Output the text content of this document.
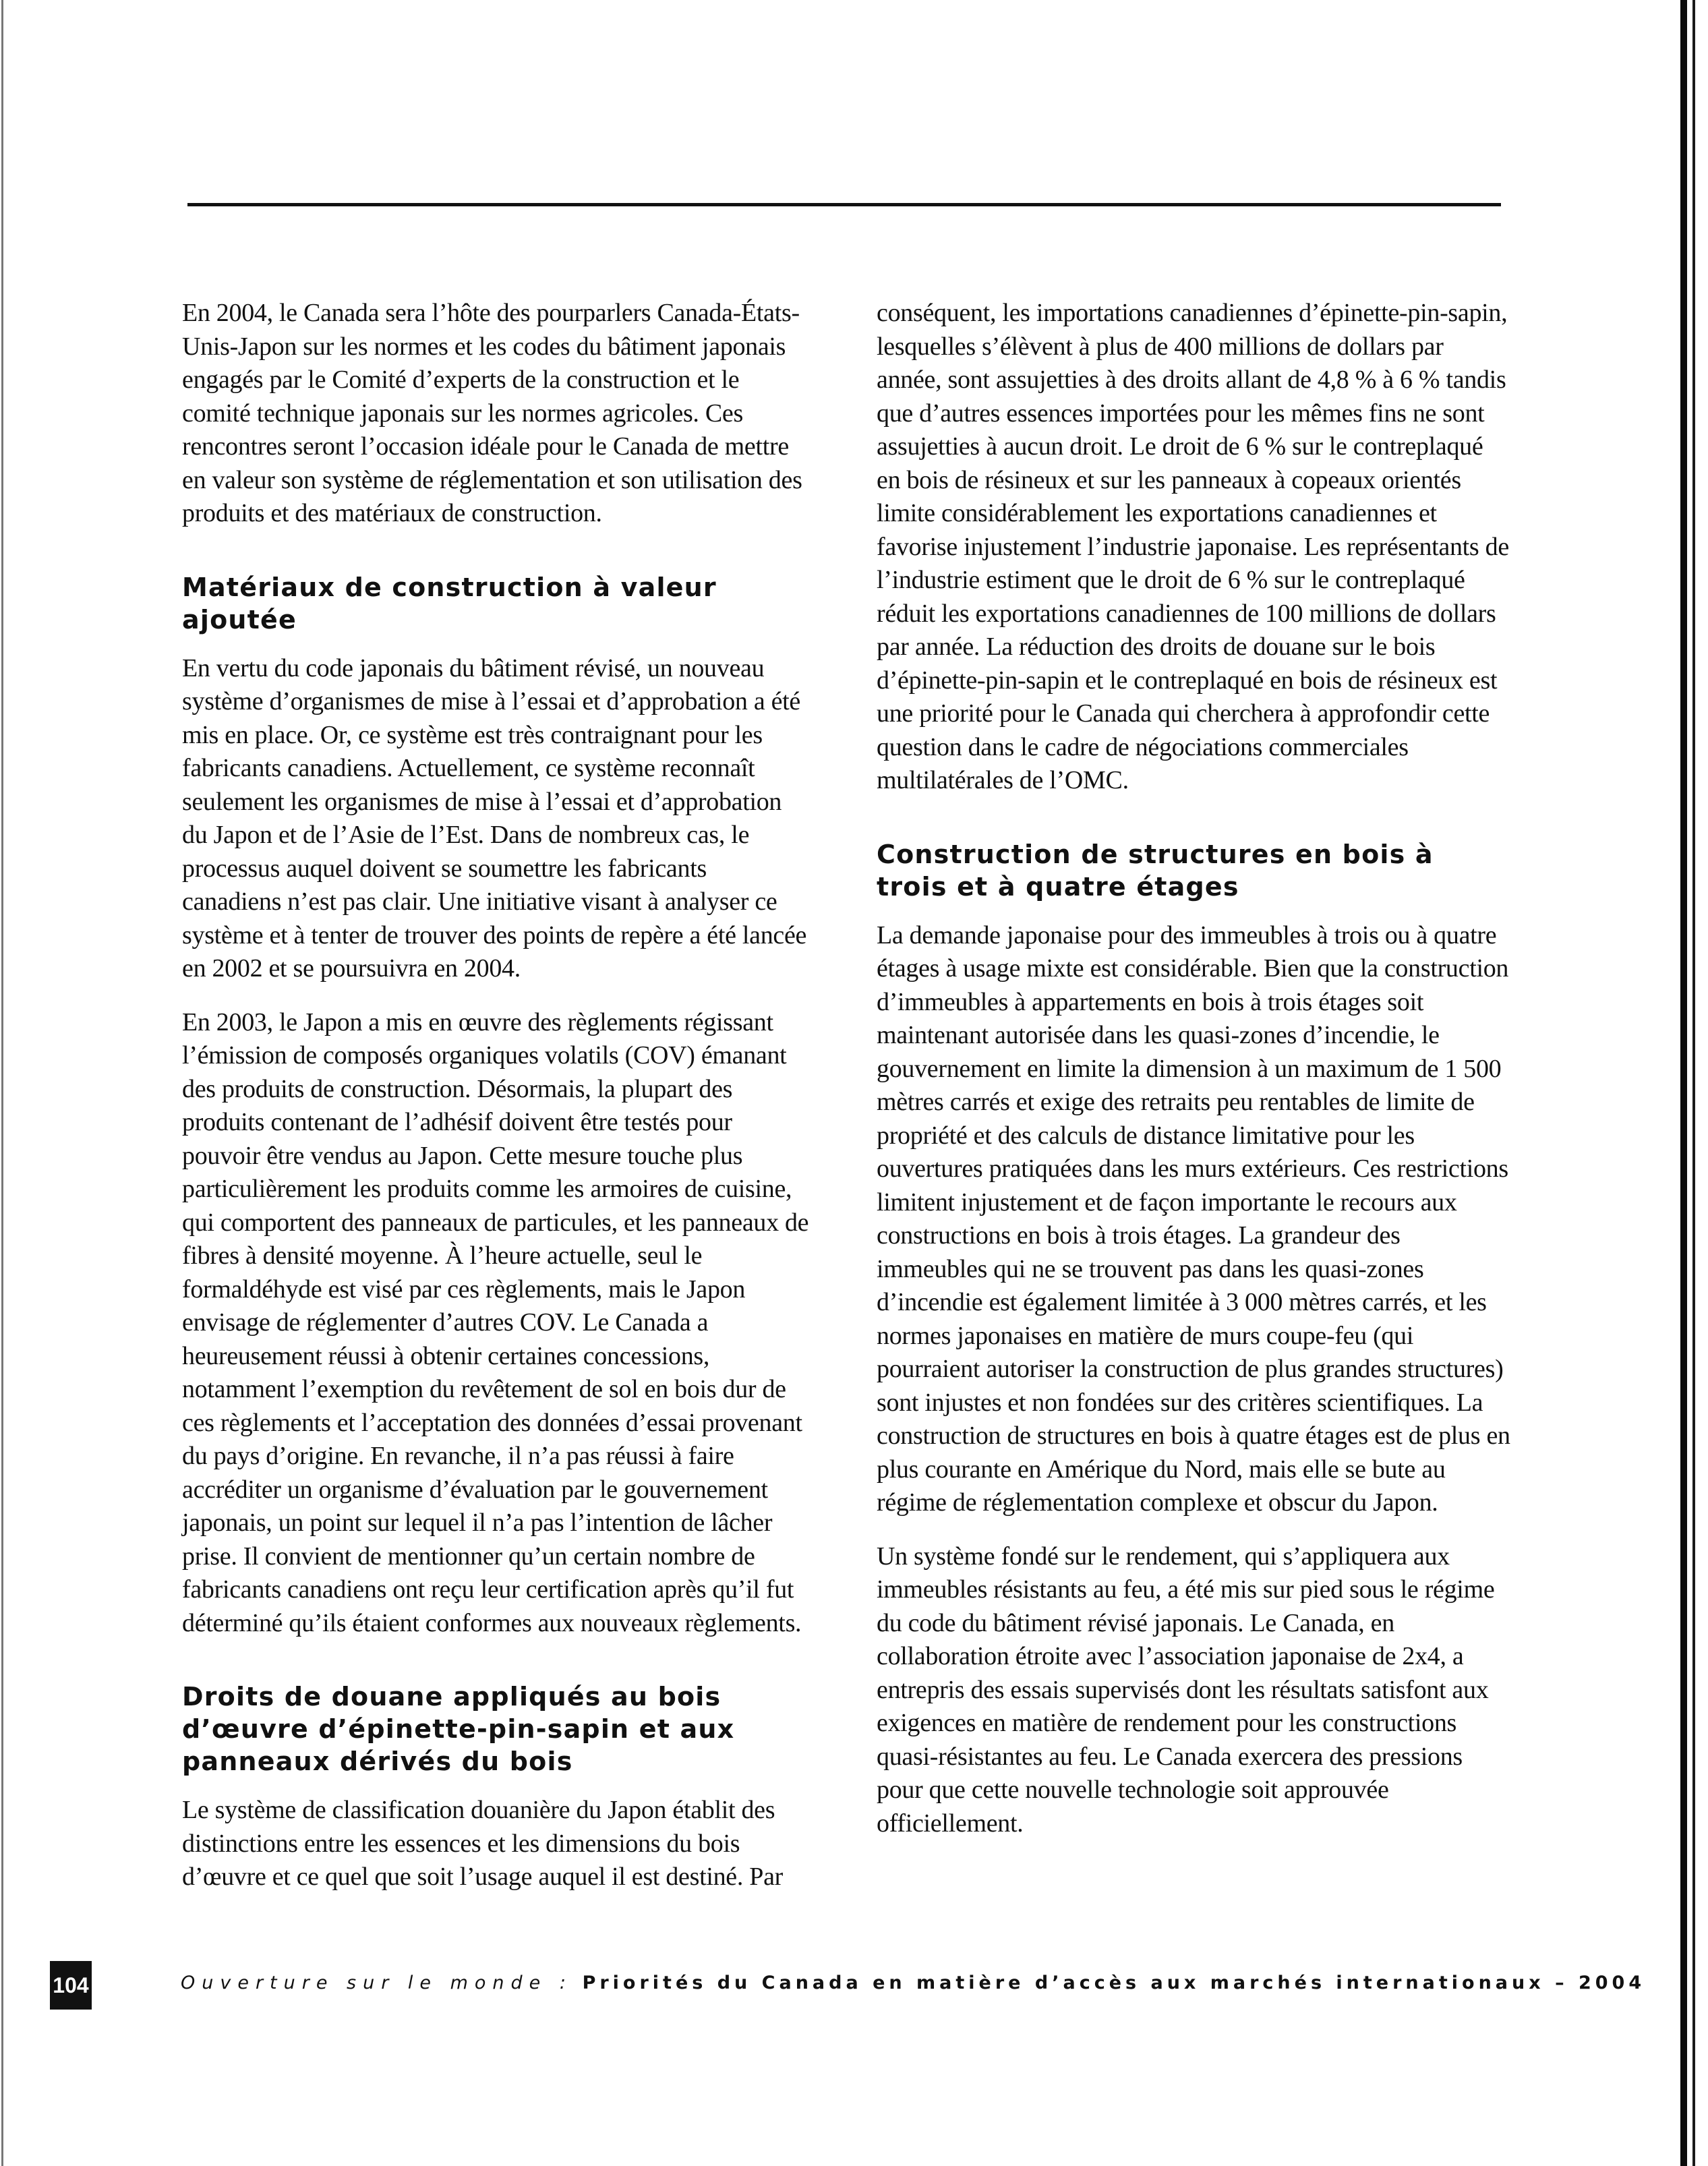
En 2004, le Canada sera l’hôte des pourparlers Canada-États-Unis-Japon sur les normes et les codes du bâtiment japonais engagés par le Comité d’experts de la construction et le comité technique japonais sur les normes agricoles. Ces rencontres seront l’occasion idéale pour le Canada de mettre en valeur son système de réglementation et son utilisation des produits et des matériaux de construction.

Matériaux de construction à valeur ajoutée

En vertu du code japonais du bâtiment révisé, un nouveau système d’organismes de mise à l’essai et d’approbation a été mis en place. Or, ce système est très contraignant pour les fabricants canadiens. Actuellement, ce système reconnaît seulement les organismes de mise à l’essai et d’approbation du Japon et de l’Asie de l’Est. Dans de nombreux cas, le processus auquel doivent se soumettre les fabricants canadiens n’est pas clair. Une initiative visant à analyser ce système et à tenter de trouver des points de repère a été lancée en 2002 et se poursuivra en 2004.

En 2003, le Japon a mis en œuvre des règlements régissant l’émission de composés organiques volatils (COV) émanant des produits de construction. Désormais, la plupart des produits contenant de l’adhésif doivent être testés pour pouvoir être vendus au Japon. Cette mesure touche plus particulièrement les produits comme les armoires de cuisine, qui comportent des panneaux de particules, et les panneaux de fibres à densité moyenne. À l’heure actuelle, seul le formaldéhyde est visé par ces règlements, mais le Japon envisage de réglementer d’autres COV. Le Canada a heureusement réussi à obtenir certaines concessions, notamment l’exemption du revêtement de sol en bois dur de ces règlements et l’acceptation des données d’essai provenant du pays d’origine. En revanche, il n’a pas réussi à faire accréditer un organisme d’évaluation par le gouvernement japonais, un point sur lequel il n’a pas l’intention de lâcher prise. Il convient de mentionner qu’un certain nombre de fabricants canadiens ont reçu leur certification après qu’il fut déterminé qu’ils étaient conformes aux nouveaux règlements.

Droits de douane appliqués au bois d’œuvre d’épinette-pin-sapin et aux panneaux dérivés du bois

Le système de classification douanière du Japon établit des distinctions entre les essences et les dimensions du bois d’œuvre et ce quel que soit l’usage auquel il est destiné. Par

conséquent, les importations canadiennes d’épinette-pin-sapin, lesquelles s’élèvent à plus de 400 millions de dollars par année, sont assujetties à des droits allant de 4,8 % à 6 % tandis que d’autres essences importées pour les mêmes fins ne sont assujetties à aucun droit. Le droit de 6 % sur le contreplaqué en bois de résineux et sur les panneaux à copeaux orientés limite considérablement les exportations canadiennes et favorise injustement l’industrie japonaise. Les représentants de l’industrie estiment que le droit de 6 % sur le contreplaqué réduit les exportations canadiennes de 100 millions de dollars par année. La réduction des droits de douane sur le bois d’épinette-pin-sapin et le contreplaqué en bois de résineux est une priorité pour le Canada qui cherchera à approfondir cette question dans le cadre de négociations commerciales multilatérales de l’OMC.

Construction de structures en bois à trois et à quatre étages

La demande japonaise pour des immeubles à trois ou à quatre étages à usage mixte est considérable. Bien que la construction d’immeubles à appartements en bois à trois étages soit maintenant autorisée dans les quasi-zones d’incendie, le gouvernement en limite la dimension à un maximum de 1 500 mètres carrés et exige des retraits peu rentables de limite de propriété et des calculs de distance limitative pour les ouvertures pratiquées dans les murs extérieurs. Ces restrictions limitent injustement et de façon importante le recours aux constructions en bois à trois étages. La grandeur des immeubles qui ne se trouvent pas dans les quasi-zones d’incendie est également limitée à 3 000 mètres carrés, et les normes japonaises en matière de murs coupe-feu (qui pourraient autoriser la construction de plus grandes structures) sont injustes et non fondées sur des critères scientifiques. La construction de structures en bois à quatre étages est de plus en plus courante en Amérique du Nord, mais elle se bute au régime de réglementation complexe et obscur du Japon.

Un système fondé sur le rendement, qui s’appliquera aux immeubles résistants au feu, a été mis sur pied sous le régime du code du bâtiment révisé japonais. Le Canada, en collaboration étroite avec l’association japonaise de 2x4, a entrepris des essais supervisés dont les résultats satisfont aux exigences en matière de rendement pour les constructions quasi-résistantes au feu. Le Canada exercera des pressions pour que cette nouvelle technologie soit approuvée officiellement.

104	Ouverture sur le monde : Priorités du Canada en matière d’accès aux marchés internationaux – 2004
